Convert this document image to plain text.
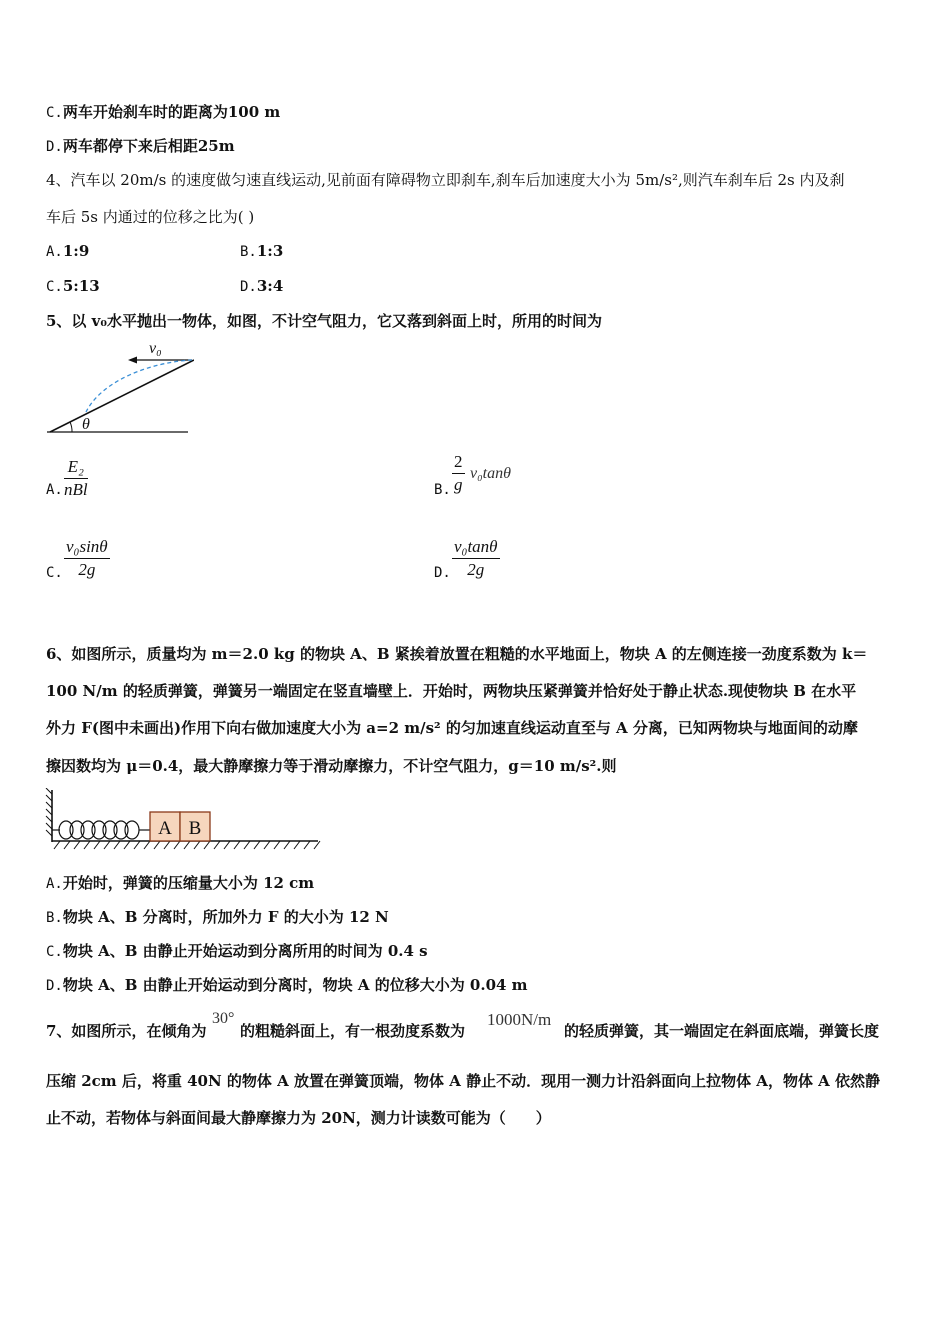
C.两车开始刹车时的距离为100 m
D.两车都停下来后相距25m
4、汽车以 20m/s 的速度做匀速直线运动,见前面有障碍物立即刹车,刹车后加速度大小为 5m/s²,则汽车刹车后 2s 内及刹
车后 5s 内通过的位移之比为( )
A.1:9	B.1:3
C.5:13	D.3:4
5、以 v₀水平抛出一物体，如图，不计空气阻力，它又落到斜面上时，所用的时间为
v₀
θ
A.
E₂
nBl	B. $\frac{2}{g} v_0\tan\theta$
C. $\frac{\text{v₀sinθ}}{2g}$	D. $\frac{\text{v₀tanθ}}{2g}$
6、如图所示，质量均为 m＝2.0 kg 的物块 A、B 紧挨着放置在粗糙的水平地面上，物块 A 的左侧连接一劲度系数为 k＝
100 N/m 的轻质弹簧，弹簧另一端固定在竖直墙壁上．开始时，两物块压紧弹簧并恰好处于静止状态.现使物块 B 在水平
外力 F(图中未画出)作用下向右做加速度大小为 a=2 m/s² 的匀加速直线运动直至与 A 分离，已知两物块与地面间的动摩
擦因数均为 μ＝0.4，最大静摩擦力等于滑动摩擦力，不计空气阻力，g＝10 m/s².则
A B
A.开始时，弹簧的压缩量大小为 12 cm
B.物块 A、B 分离时，所加外力 F 的大小为 12 N
C.物块 A、B 由静止开始运动到分离所用的时间为 0.4 s
D.物块 A、B 由静止开始运动到分离时，物块 A 的位移大小为 0.04 m
7、如图所示，在倾角为
30°
的粗糙斜面上，有一根劲度系数为
1000N/m
的轻质弹簧，其一端固定在斜面底端，弹簧长度
压缩 2cm 后，将重 40N 的物体 A 放置在弹簧顶端，物体 A 静止不动．现用一测力计沿斜面向上拉物体 A，物体 A 依然静
止不动，若物体与斜面间最大静摩擦力为 20N，测力计读数可能为（　　）
